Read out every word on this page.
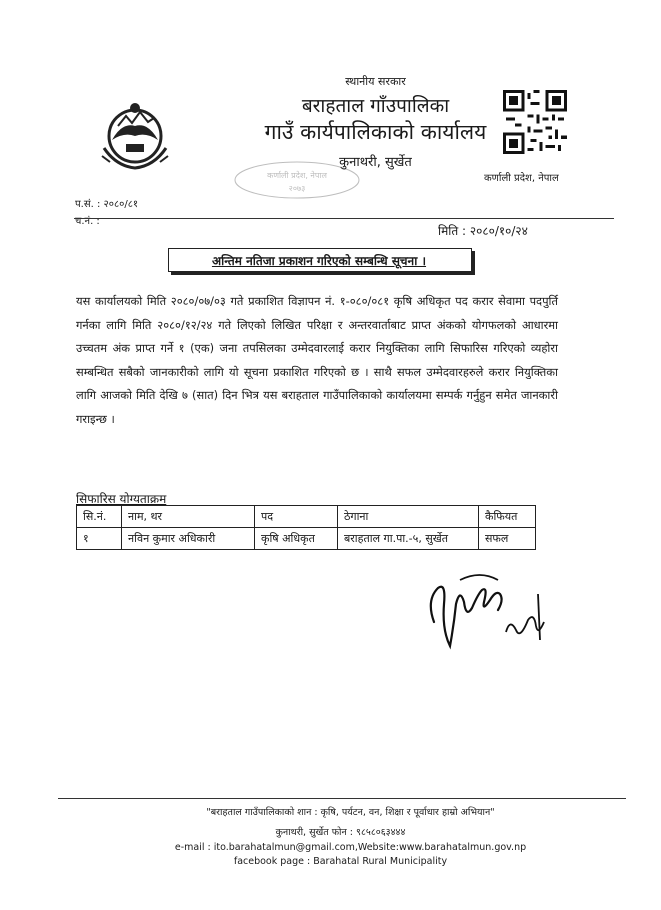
स्थानीय सरकार
बराहताल गाँउपालिका
गाउँ कार्यपालिकाको कार्यालय
कुनाथरी, सुर्खेत
कर्णाली प्रदेश, नेपाल
२०७३
कर्णाली प्रदेश, नेपाल
प.सं. : २०८०/८१
च.नं. :
मिति : २०८०/१०/२४
अन्तिम नतिजा प्रकाशन गरिएको सम्बन्धि सूचना ।
यस कार्यालयको मिति २०८०/०७/०३ गते प्रकाशित विज्ञापन नं. १-०८०/०८१ कृषि अधिकृत पद करार सेवामा पदपुर्ति गर्नका लागि मिति २०८०/१२/२४ गते लिएको लिखित परिक्षा र अन्तरवार्ताबाट प्राप्त अंकको योगफलको आधारमा उच्चतम अंक प्राप्त गर्ने १ (एक) जना तपसिलका उम्मेदवारलाई करार नियुक्तिका लागि सिफारिस गरिएको व्यहोरा सम्बन्धित सबैको जानकारीको लागि यो सूचना प्रकाशित गरिएको छ । साथै सफल उम्मेदवारहरुले करार नियुक्तिका लागि आजको मिति देखि ७ (सात) दिन भित्र यस बराहताल गाउँपालिकाको कार्यालयमा सम्पर्क गर्नुहुन समेत जानकारी गराइन्छ ।
सिफारिस योग्यताक्रम
सि.नं.	नाम, थर	पद	ठेगाना	कैफियत
१	नविन कुमार अधिकारी	कृषि अधिकृत	बराहताल गा.पा.-५, सुर्खेत	सफल
"बराहताल गाउँपालिकाको शान : कृषि, पर्यटन, वन, शिक्षा र पूर्वाधार हाम्रो अभियान"
कुनाथरी, सुर्खेत फोन : ९८५८०६३४४४
e-mail : ito.barahatalmun@gmail.com,Website:www.barahatalmun.gov.np
facebook page : Barahatal Rural Municipality
